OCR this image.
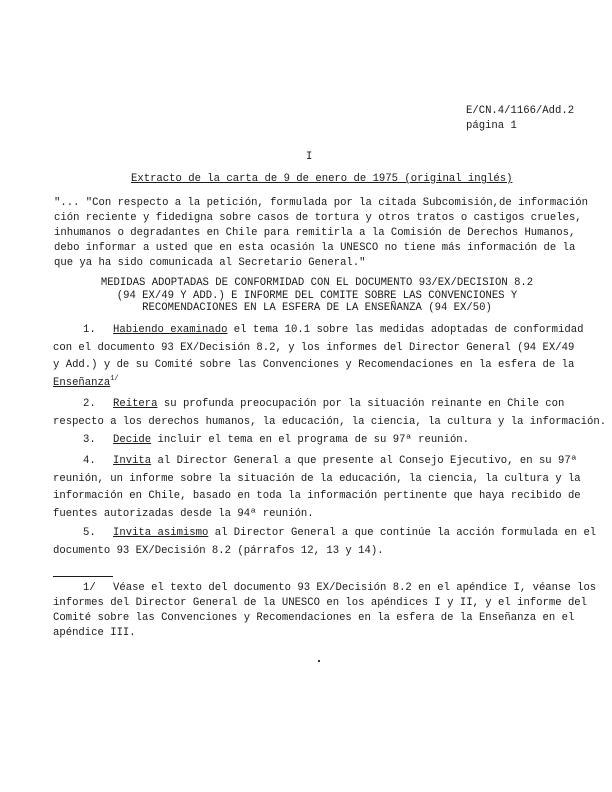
E/CN.4/1166/Add.2
página 1
I
Extracto de la carta de 9 de enero de 1975 (original inglés)
"... "Con respecto a la petición, formulada por la citada Subcomisión,de información
ción reciente y fidedigna sobre casos de tortura y otros tratos o castigos crueles,
inhumanos o degradantes en Chile para remitirla a la Comisión de Derechos Humanos,
debo informar a usted que en esta ocasión la UNESCO no tiene más información de la
que ya ha sido comunicada al Secretario General."
MEDIDAS ADOPTADAS DE CONFORMIDAD CON EL DOCUMENTO 93/EX/DECISION 8.2
(94 EX/49 Y ADD.) E INFORME DEL COMITE SOBRE LAS CONVENCIONES Y
RECOMENDACIONES EN LA ESFERA DE LA ENSEÑANZA (94 EX/50)
1. Habiendo examinado el tema 10.1 sobre las medidas adoptadas de conformidad
con el documento 93 EX/Decisión 8.2, y los informes del Director General (94 EX/49
y Add.) y de su Comité sobre las Convenciones y Recomendaciones en la esfera de la
Enseñanza$^{1/}$
2. Reitera su profunda preocupación por la situación reinante en Chile con
respecto a los derechos humanos, la educación, la ciencia, la cultura y la información.
3. Decide incluir el tema en el programa de su 97ª reunión.
4. Invita al Director General a que presente al Consejo Ejecutivo, en su 97ª
reunión, un informe sobre la situación de la educación, la ciencia, la cultura y la
información en Chile, basado en toda la información pertinente que haya recibido de
fuentes autorizadas desde la 94ª reunión.
5. Invita asimismo al Director General a que continúe la acción formulada en el
documento 93 EX/Decisión 8.2 (párrafos 12, 13 y 14).
1/ Véase el texto del documento 93 EX/Decisión 8.2 en el apéndice I, véanse los
informes del Director General de la UNESCO en los apéndices I y II, y el informe del
Comité sobre las Convenciones y Recomendaciones en la esfera de la Enseñanza en el
apéndice III.
